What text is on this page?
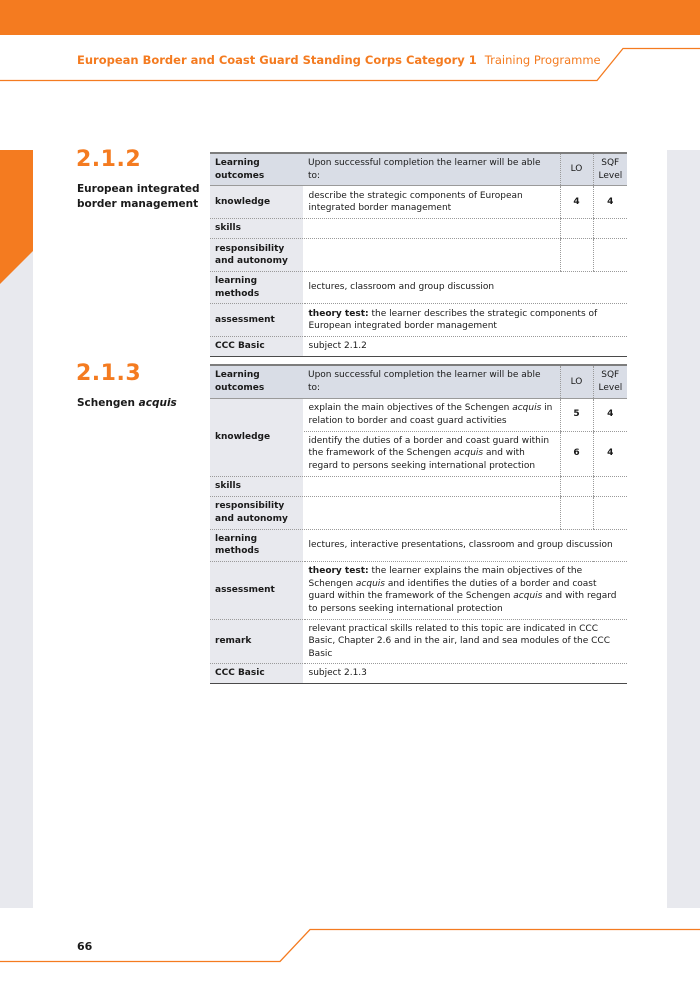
European Border and Coast Guard Standing Corps Category 1 Training Programme
66
2.1.2
European integrated border management
Learning outcomes	Upon successful completion the learner will be able to:	LO	SQF Level
knowledge	describe the strategic components of European integrated border management	4	4
skills			
responsibility and autonomy			
learning methods	lectures, classroom and group discussion		
assessment	theory test: the learner describes the strategic components of European integrated border management		
CCC Basic	subject 2.1.2		
2.1.3
Schengen acquis
Learning outcomes	Upon successful completion the learner will be able to:	LO	SQF Level
knowledge	explain the main objectives of the Schengen acquis in relation to border and coast guard activities	5	4
	identify the duties of a border and coast guard within the framework of the Schengen acquis and with regard to persons seeking international protection	6	4
skills			
responsibility and autonomy			
learning methods	lectures, interactive presentations, classroom and group discussion		
assessment	theory test: the learner explains the main objectives of the Schengen acquis and identifies the duties of a border and coast guard within the framework of the Schengen acquis and with regard to persons seeking international protection		
remark	relevant practical skills related to this topic are indicated in CCC Basic, Chapter 2.6 and in the air, land and sea modules of the CCC Basic		
CCC Basic	subject 2.1.3		
